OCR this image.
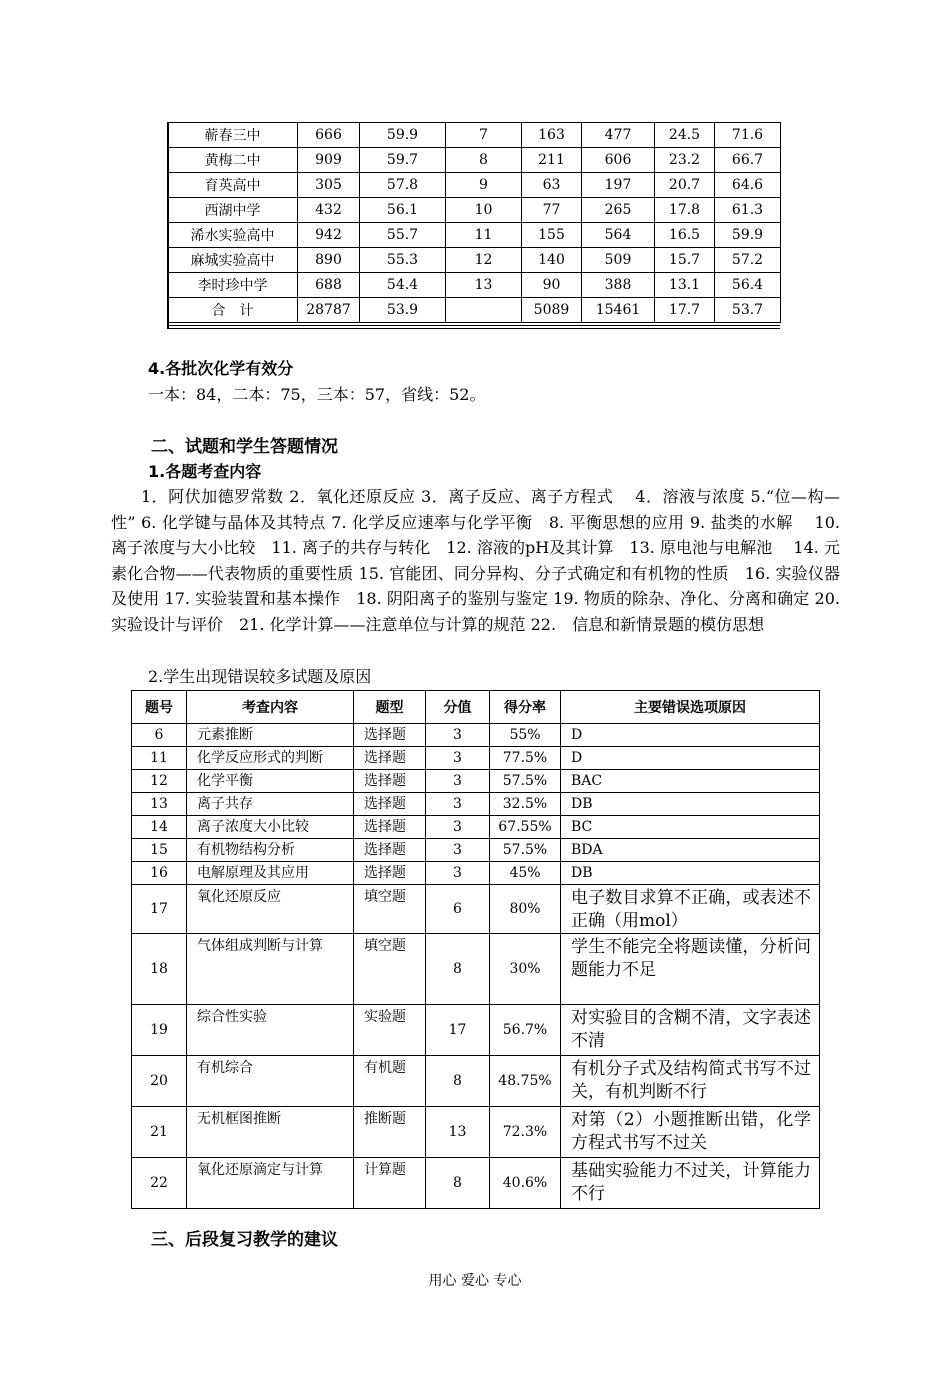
蕲春三中	666	59.9	7	163	477	24.5	71.6
黄梅二中	909	59.7	8	211	606	23.2	66.7
育英高中	305	57.8	9	63	197	20.7	64.6
西湖中学	432	56.1	10	77	265	17.8	61.3
浠水实验高中	942	55.7	11	155	564	16.5	59.9
麻城实验高中	890	55.3	12	140	509	15.7	57.2
李时珍中学	688	54.4	13	90	388	13.1	56.4
合　计	28787	53.9		5089	15461	17.7	53.7
4.各批次化学有效分
一本：84，二本：75，三本：57，省线：52。
二、试题和学生答题情况
1.各题考查内容
1．阿伏加德罗常数 2．氧化还原反应 3．离子反应、离子方程式　 4．溶液与浓度 5.“位—构—性” 6. 化学键与晶体及其特点 7. 化学反应速率与化学平衡　8. 平衡思想的应用 9. 盐类的水解　 10. 离子浓度与大小比较　11. 离子的共存与转化　12. 溶液的pH及其计算　13. 原电池与电解池　 14. 元素化合物——代表物质的重要性质 15. 官能团、同分异构、分子式确定和有机物的性质　16. 实验仪器及使用 17. 实验装置和基本操作　18. 阴阳离子的鉴别与鉴定 19. 物质的除杂、净化、分离和确定 20. 实验设计与评价　21. 化学计算——注意单位与计算的规范 22.　信息和新情景题的模仿思想
2.学生出现错误较多试题及原因
题号	考查内容	题型	分值	得分率	主要错误选项原因
6	元素推断	选择题	3	55%	D
11	化学反应形式的判断	选择题	3	77.5%	D
12	化学平衡	选择题	3	57.5%	BAC
13	离子共存	选择题	3	32.5%	DB
14	离子浓度大小比较	选择题	3	67.55%	BC
15	有机物结构分析	选择题	3	57.5%	BDA
16	电解原理及其应用	选择题	3	45%	DB
17	氧化还原反应	填空题	6	80%	电子数目求算不正确，或表述不正确（用mol）
18	气体组成判断与计算	填空题	8	30%	学生不能完全将题读懂，分析问题能力不足
19	综合性实验	实验题	17	56.7%	对实验目的含糊不清，文字表述不清
20	有机综合	有机题	8	48.75%	有机分子式及结构简式书写不过关，有机判断不行
21	无机框图推断	推断题	13	72.3%	对第（2）小题推断出错，化学方程式书写不过关
22	氧化还原滴定与计算	计算题	8	40.6%	基础实验能力不过关，计算能力不行
三、后段复习教学的建议
用心 爱心 专心
